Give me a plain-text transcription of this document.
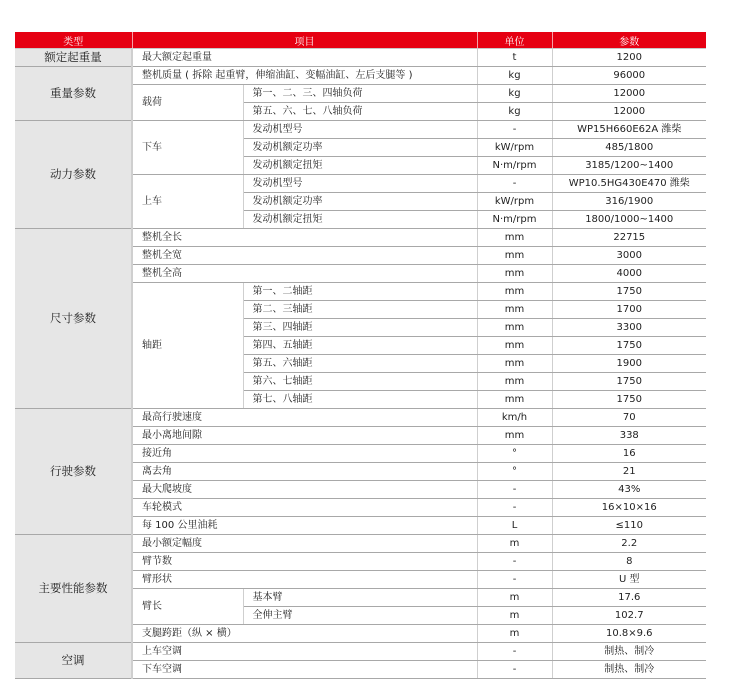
类型	项目		单位	参数
额定起重量	最大额定起重量		t	1200
重量参数	整机质量 ( 拆除 起重臂，伸缩油缸、变幅油缸、左后支腿等 )		kg	96000
	载荷	第一、二、三、四轴负荷	kg	12000
		第五、六、七、八轴负荷	kg	12000
动力参数	下车	发动机型号	-	WP15H660E62A 潍柴
		发动机额定功率	kW/rpm	485/1800
		发动机额定扭矩	N·m/rpm	3185/1200~1400
	上车	发动机型号	-	WP10.5HG430E470 潍柴
		发动机额定功率	kW/rpm	316/1900
		发动机额定扭矩	N·m/rpm	1800/1000~1400
尺寸参数	整机全长		mm	22715
	整机全宽		mm	3000
	整机全高		mm	4000
	轴距	第一、二轴距	mm	1750
		第二、三轴距	mm	1700
		第三、四轴距	mm	3300
		第四、五轴距	mm	1750
		第五、六轴距	mm	1900
		第六、七轴距	mm	1750
		第七、八轴距	mm	1750
行驶参数	最高行驶速度		km/h	70
	最小离地间隙		mm	338
	接近角		°	16
	离去角		°	21
	最大爬坡度		-	43%
	车轮模式		-	16×10×16
	每 100 公里油耗		L	≤110
主要性能参数	最小额定幅度		m	2.2
	臂节数		-	8
	臂形状		-	U 型
	臂长	基本臂	m	17.6
		全伸主臂	m	102.7
	支腿跨距（纵 × 横）		m	10.8×9.6
空调	上车空调		-	制热、制冷
	下车空调		-	制热、制冷
